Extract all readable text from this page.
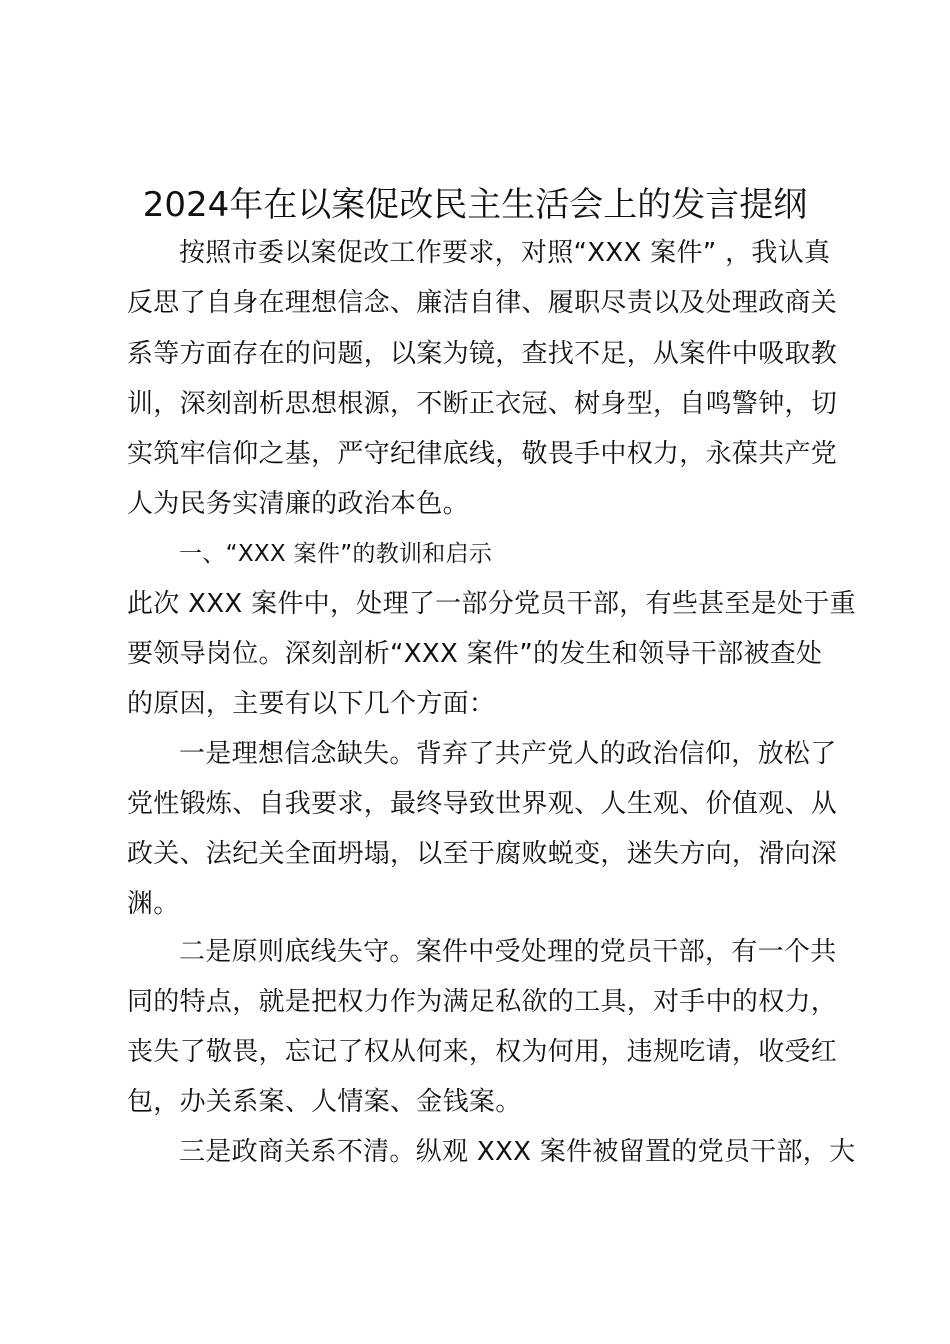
2024年在以案促改民主生活会上的发言提纲
按照市委以案促改工作要求，对照“XXX 案件” ，我认真
反思了自身在理想信念、廉洁自律、履职尽责以及处理政商关
系等方面存在的问题，以案为镜，查找不足，从案件中吸取教
训，深刻剖析思想根源，不断正衣冠、树身型，自鸣警钟，切
实筑牢信仰之基，严守纪律底线，敬畏手中权力，永葆共产党
人为民务实清廉的政治本色。
一、“XXX 案件”的教训和启示
此次 XXX 案件中，处理了一部分党员干部，有些甚至是处于重
要领导岗位。深刻剖析“XXX 案件”的发生和领导干部被查处
的原因，主要有以下几个方面：
一是理想信念缺失。背弃了共产党人的政治信仰，放松了
党性锻炼、自我要求，最终导致世界观、人生观、价值观、从
政关、法纪关全面坍塌，以至于腐败蜕变，迷失方向，滑向深
渊。
二是原则底线失守。案件中受处理的党员干部，有一个共
同的特点，就是把权力作为满足私欲的工具，对手中的权力，
丧失了敬畏，忘记了权从何来，权为何用，违规吃请，收受红
包，办关系案、人情案、金钱案。
三是政商关系不清。纵观 XXX 案件被留置的党员干部，大
